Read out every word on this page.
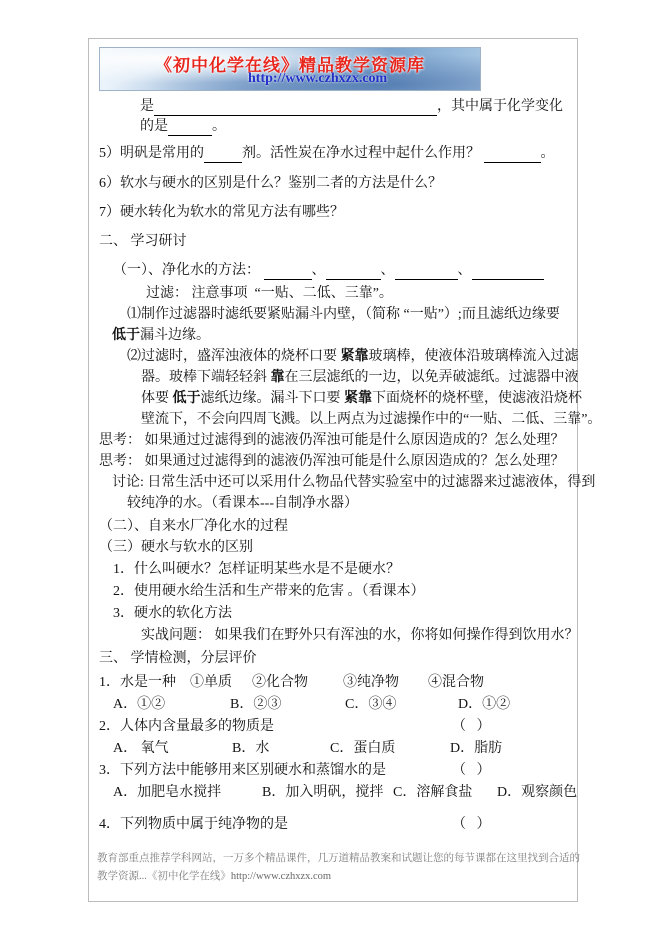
《初中化学在线》精品教学资源库
http://www.czhxzx.com
是	，其中属于化学变化
的是	。
5）明矾是常用的	剂。活性炭在净水过程中起什么作用？	。
6）软水与硬水的区别是什么？鉴别二者的方法是什么？
7）硬水转化为软水的常见方法有哪些？
二、 学习研讨
（一）、净化水的方法：	、	、	、
过滤： 注意事项  “一贴、二低、三靠”。
⑴制作过滤器时滤纸要紧贴漏斗内壁，（简称 “一贴”）;而且滤纸边缘要
低于漏斗边缘。
⑵过滤时，盛浑浊液体的烧杯口要 紧靠玻璃棒，使液体沿玻璃棒流入过滤
器。玻棒下端轻轻斜 靠在三层滤纸的一边，以免弄破滤纸。过滤器中液
体要 低于滤纸边缘。漏斗下口要 紧靠下面烧杯的烧杯壁，使滤液沿烧杯
壁流下，不会向四周飞溅。以上两点为过滤操作中的“一贴、二低、三靠”。
思考： 如果通过过滤得到的滤液仍浑浊可能是什么原因造成的？怎么处理？
思考： 如果通过过滤得到的滤液仍浑浊可能是什么原因造成的？怎么处理？
讨论: 日常生活中还可以采用什么物品代替实验室中的过滤器来过滤液体，得到
较纯净的水。（看课本---自制净水器）
（二）、自来水厂净化水的过程
（三）硬水与软水的区别
1．什么叫硬水？怎样证明某些水是不是硬水？
2．使用硬水给生活和生产带来的危害 。（看课本）
3．硬水的软化方法
实战问题： 如果我们在野外只有浑浊的水，你将如何操作得到饮用水？
三、 学情检测，分层评价
1．水是一种 ①单质 ②化合物	③纯净物 ④混合物
A．①②	B．②③	C．③④	D．①②
2．人体内含量最多的物质是	（   ）
A． 氧气	B．水	C．蛋白质	D．脂肪
3．下列方法中能够用来区别硬水和蒸馏水的是	（   ）
A．加肥皂水搅拌	B．加入明矾，搅拌 C．溶解食盐 D．观察颜色
4．下列物质中属于纯净物的是	（   ）
教育部重点推荐学科网站，一万多个精品课件，几万道精品教案和试题让您的每节课都在这里找到合适的
教学资源...《初中化学在线》http://www.czhxzx.com
